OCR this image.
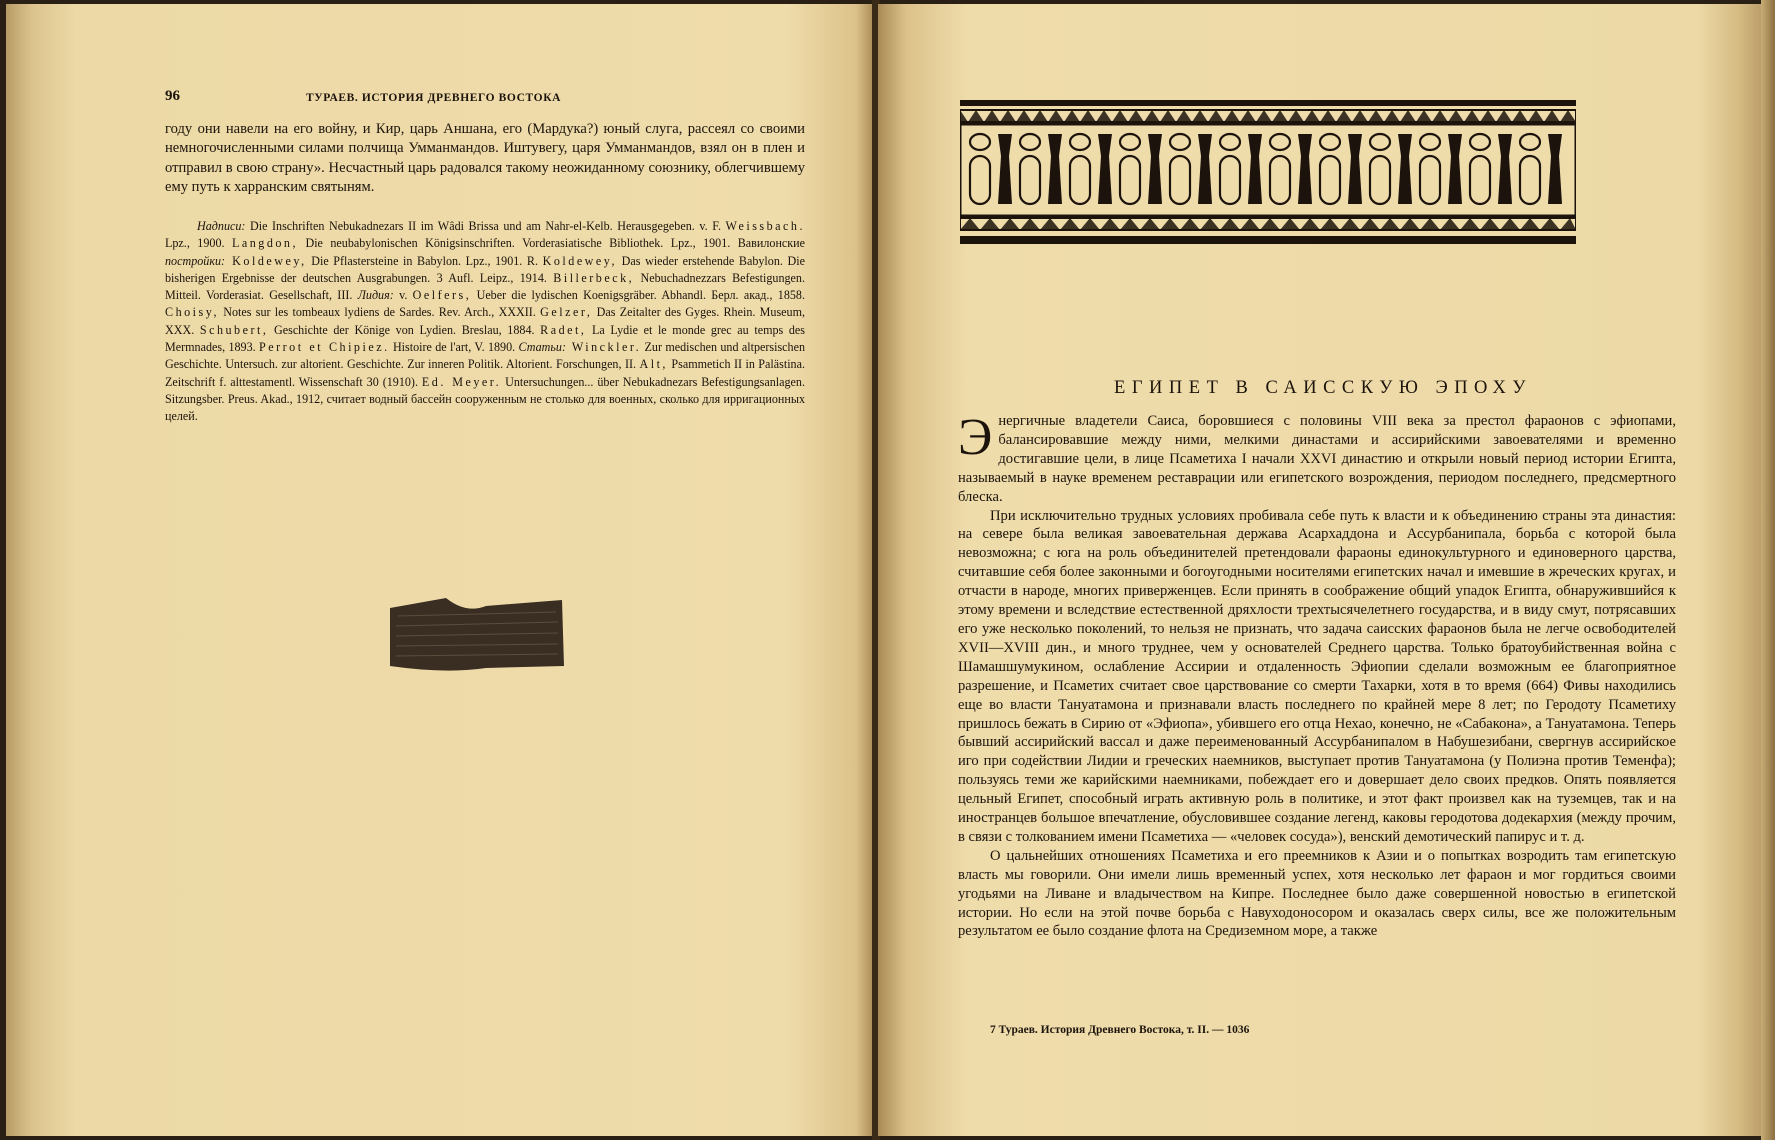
96	ТУРАЕВ. ИСТОРИЯ ДРЕВНЕГО ВОСТОКА
году они навели на его войну, и Кир, царь Аншана, его (Мардука?) юный слуга, рассеял со своими немногочисленными силами полчища Умманмандов. Иштувегу, царя Умманмандов, взял он в плен и отправил в свою страну». Несчастный царь радовался такому неожиданному союзнику, облегчившему ему путь к харранским святыням.

Надписи: Die Inschriften Nebukadnezars II im Wâdi Brissa und am Nahr-el-Kelb. Herausgegeben. v. F. Weissbach. Lpz., 1900. Langdon, Die neubabylonischen Königsinschriften. Vorderasiatische Bibliothek. Lpz., 1901. Вавилонские постройки: Koldewey, Die Pflastersteine in Babylon. Lpz., 1901. R. Koldewey, Das wieder erstehende Babylon. Die bisherigen Ergebnisse der deutschen Ausgrabungen. 3 Aufl. Leipz., 1914. Billerbeck, Nebuchadnezzars Befestigungen. Mitteil. Vorderasiat. Gesellschaft, III. Лидия: v. Oelfers, Ueber die lydischen Koenigsgräber. Abhandl. Берл. акад., 1858. Choisy, Notes sur les tombeaux lydiens de Sardes. Rev. Arch., XXXII. Gelzer, Das Zeitalter des Gyges. Rhein. Museum, XXX. Schubert, Geschichte der Könige von Lydien. Breslau, 1884. Radet, La Lydie et le monde grec au temps des Mermnades, 1893. Perrot et Chipiez. Histoire de l'art, V. 1890. Статьи: Winckler. Zur medischen und altpersischen Geschichte. Untersuch. zur altorient. Geschichte. Zur inneren Politik. Altorient. Forschungen, II. Alt, Psammetich II in Palästina. Zeitschrift f. alttestamentl. Wissenschaft 30 (1910). Ed. Meyer. Untersuchungen... über Nebukadnezars Befestigungsanlagen. Sitzungsber. Preus. Akad., 1912, считает водный бассейн сооруженным не столько для военных, сколько для ирригационных целей.

ЕГИПЕТ В САИССКУЮ ЭПОХУ

Энергичные владетели Саиса, боровшиеся с половины VIII века за престол фараонов с эфиопами, балансировавшие между ними, мелкими династами и ассирийскими завоевателями и временно достигавшие цели, в лице Псаметиха I начали XXVI династию и открыли новый период истории Египта, называемый в науке временем реставрации или египетского возрождения, периодом последнего, предсмертного блеска.

При исключительно трудных условиях пробивала себе путь к власти и к объединению страны эта династия: на севере была великая завоевательная держава Асархаддона и Ассурбанипала, борьба с которой была невозможна; с юга на роль объединителей претендовали фараоны единокультурного и единоверного царства, считавшие себя более законными и богоугодными носителями египетских начал и имевшие в жреческих кругах, и отчасти в народе, многих приверженцев. Если принять в соображение общий упадок Египта, обнаружившийся к этому времени и вследствие естественной дряхлости трехтысячелетнего государства, и в виду смут, потрясавших его уже несколько поколений, то нельзя не признать, что задача саисских фараонов была не легче освободителей XVII—XVIII дин., и много труднее, чем у основателей Среднего царства. Только братоубийственная война с Шамашшумукином, ослабление Ассирии и отдаленность Эфиопии сделали возможным ее благоприятное разрешение, и Псаметих считает свое царствование со смерти Тахарки, хотя в то время (664) Фивы находились еще во власти Тануатамона и признавали власть последнего по крайней мере 8 лет; по Геродоту Псаметиху пришлось бежать в Сирию от «Эфиопа», убившего его отца Нехао, конечно, не «Сабакона», а Тануатамона. Теперь бывший ассирийский вассал и даже переименованный Ассурбанипалом в Набушезибани, свергнув ассирийское иго при содействии Лидии и греческих наемников, выступает против Тануатамона (у Полиэна против Теменфа); пользуясь теми же карийскими наемниками, побеждает его и довершает дело своих предков. Опять появляется цельный Египет, способный играть активную роль в политике, и этот факт произвел как на туземцев, так и на иностранцев большое впечатление, обусловившее создание легенд, каковы геродотова додекархия (между прочим, в связи с толкованием имени Псаметиха — «человек сосуда»), венский демотический папирус и т. д.

О цальнейших отношениях Псаметиха и его преемников к Азии и о попытках возродить там египетскую власть мы говорили. Они имели лишь временный успех, хотя несколько лет фараон и мог гордиться своими угодьями на Ливане и владычеством на Кипре. Последнее было даже совершенной новостью в египетской истории. Но если на этой почве борьба с Навуходоносором и оказалась сверх силы, все же положительным результатом ее было создание флота на Средиземном море, а также

7 Тураев. История Древнего Востока, т. II. — 1036
